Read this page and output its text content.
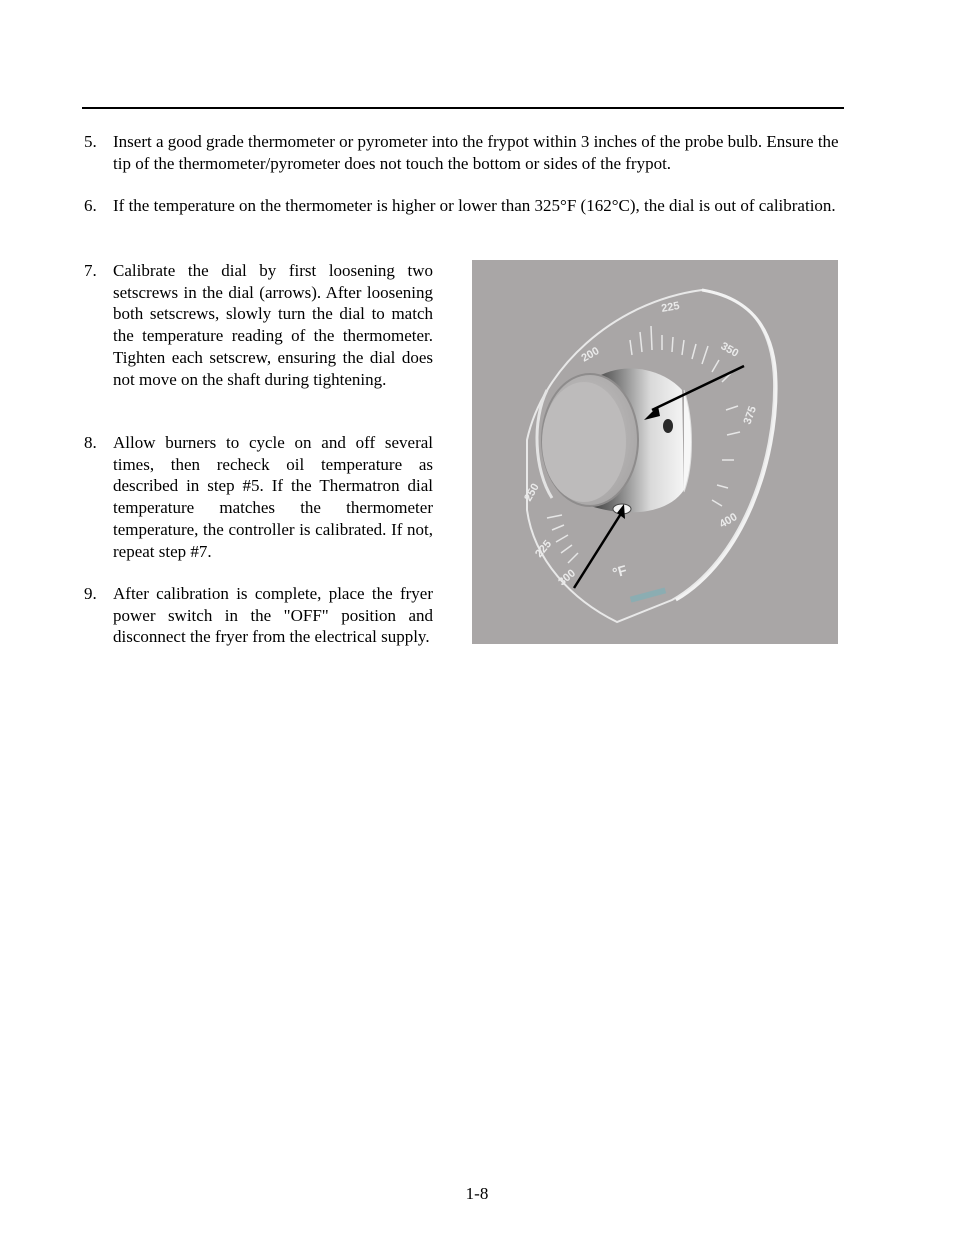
5. Insert a good grade thermometer or pyrometer into the frypot within 3 inches of the probe bulb. Ensure the tip of the thermometer/pyrometer does not touch the bottom or sides of the frypot.
6. If the temperature on the thermometer is higher or lower than 325°F (162°C), the dial is out of calibration.
7. Calibrate the dial by first loosening two setscrews in the dial (arrows). After loosening both setscrews, slowly turn the dial to match the temperature reading of the thermometer. Tighten each setscrew, ensuring the dial does not move on the shaft during tightening.
8. Allow burners to cycle on and off several times, then recheck oil temperature as described in step #5. If the Thermatron dial temperature matches the thermometer temperature, the controller is calibrated. If not, repeat step #7.
9. After calibration is complete, place the fryer power switch in the "OFF" position and disconnect the fryer from the electrical supply.
200
225
350
375
400
250
225
300 °F
1-8
